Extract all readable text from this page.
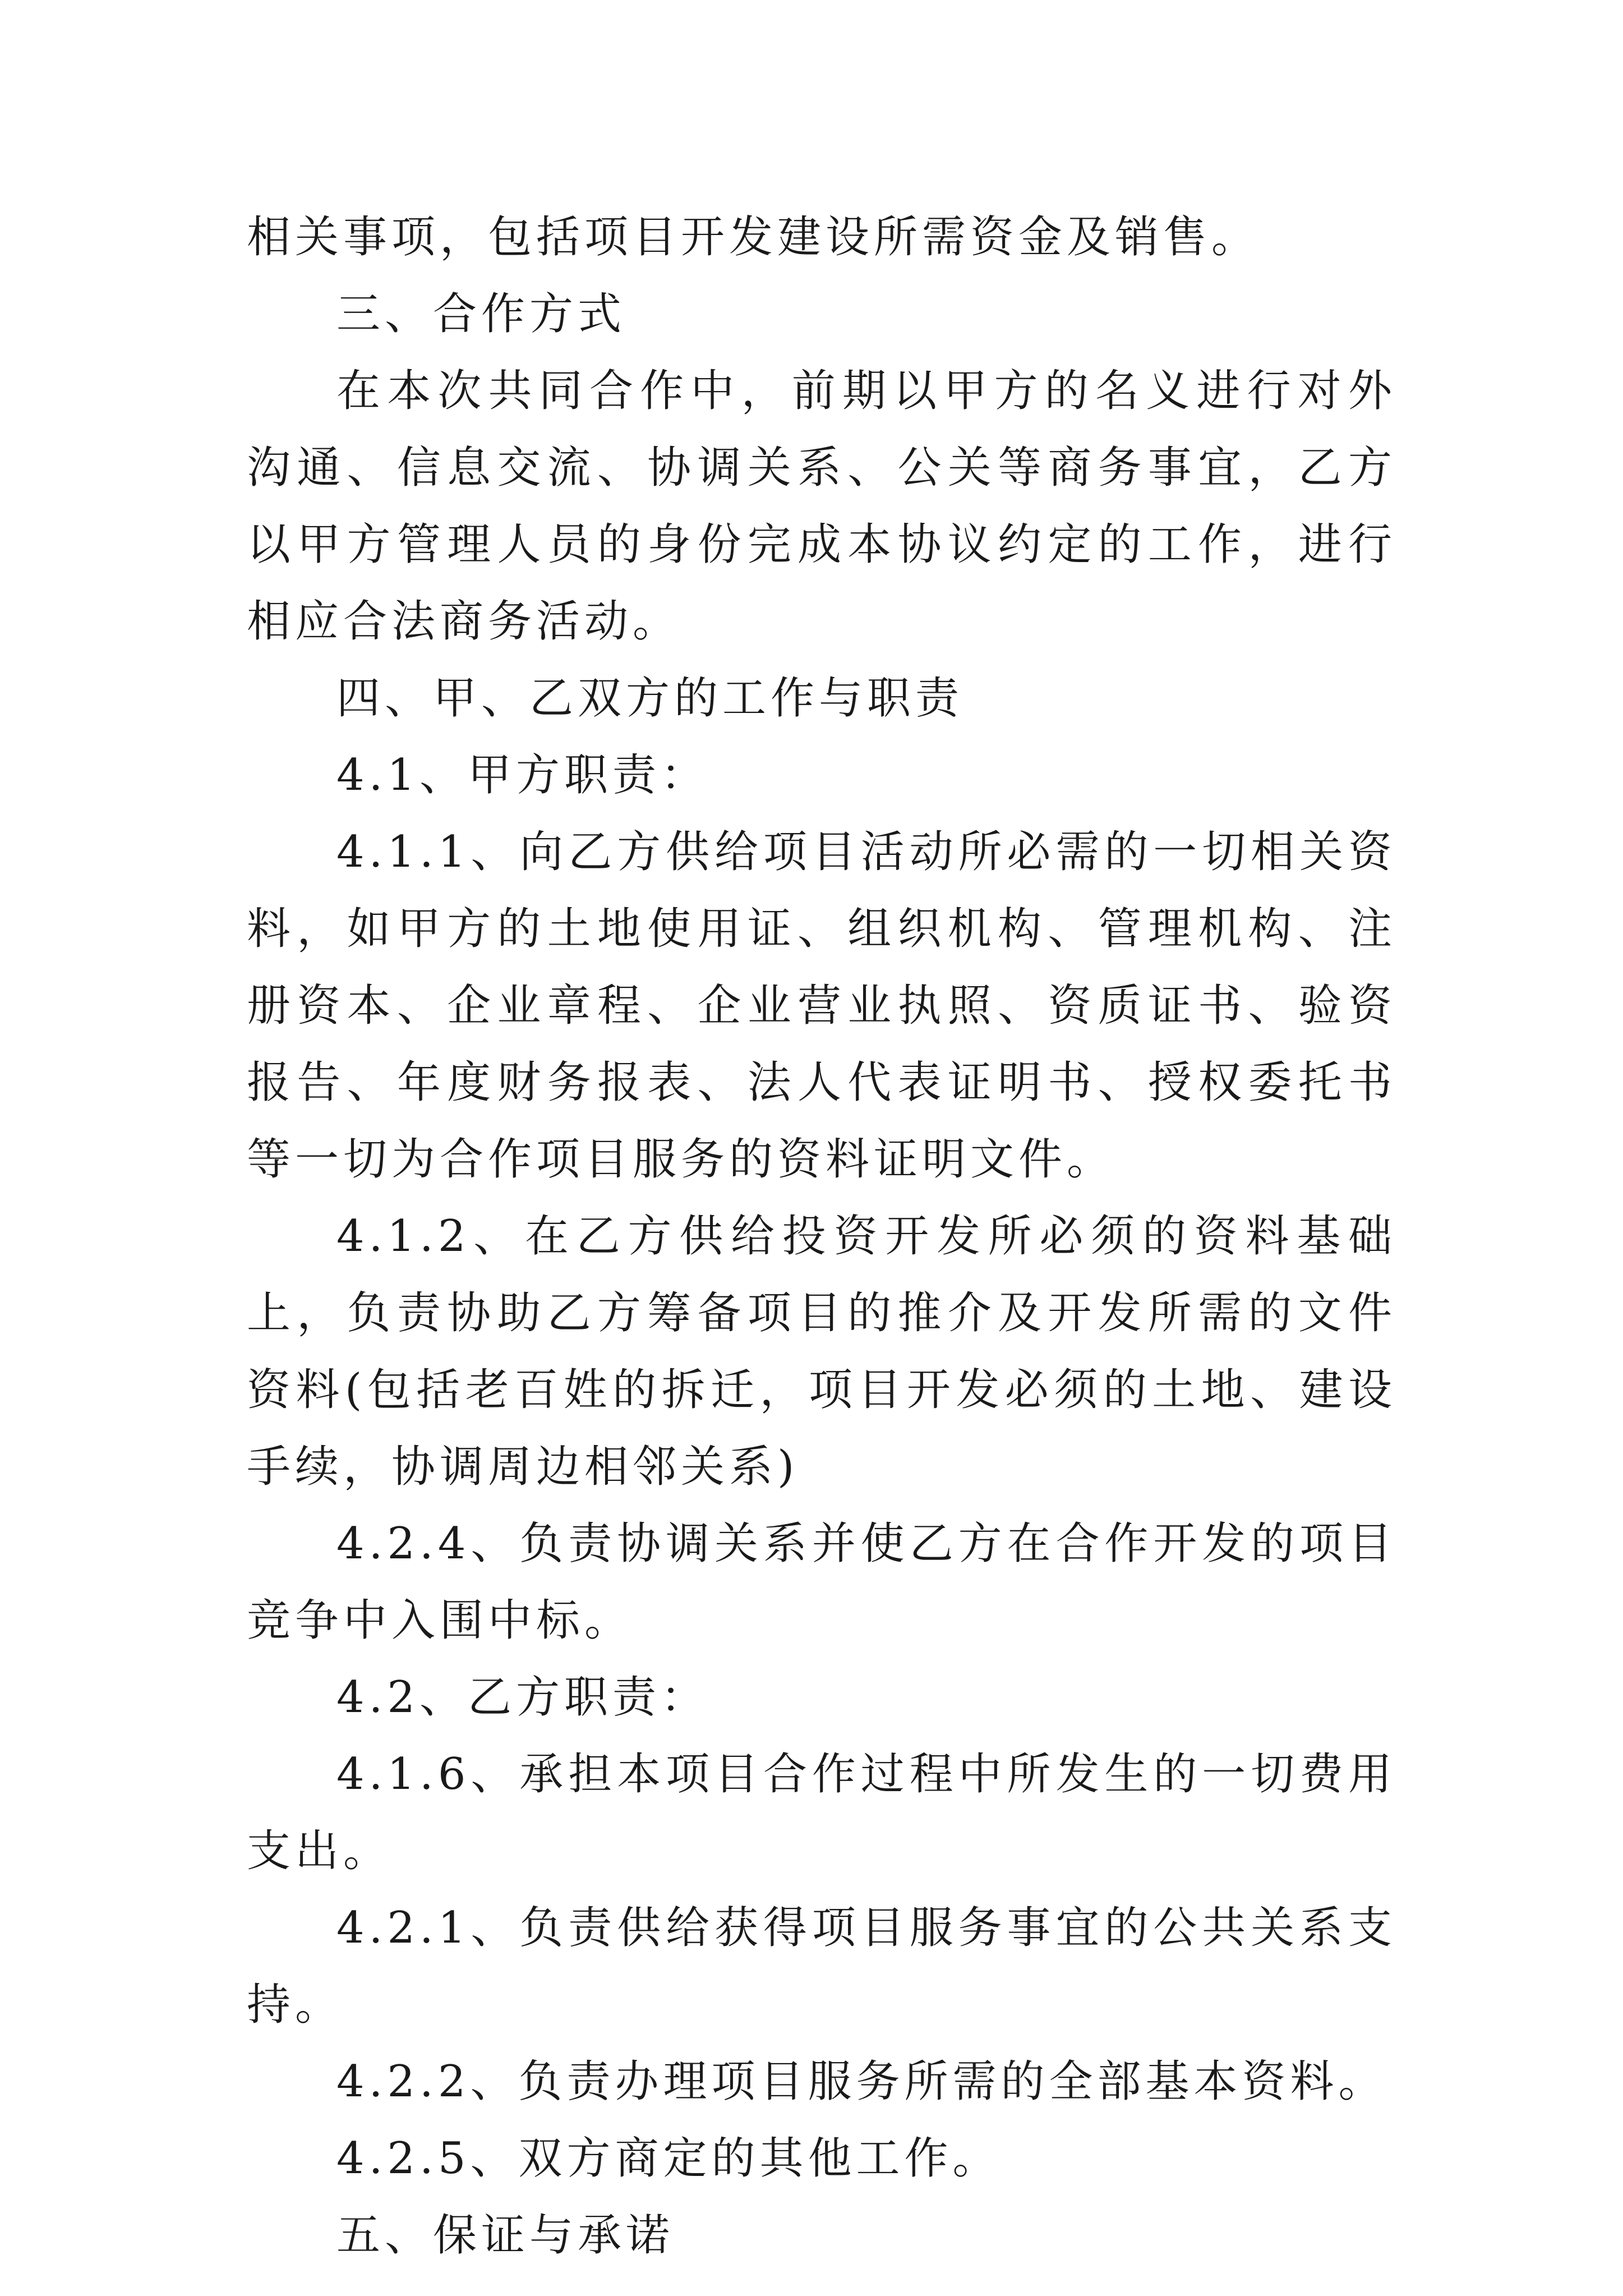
相关事项，包括项目开发建设所需资金及销售。

三、合作方式

在本次共同合作中，前期以甲方的名义进行对外沟通、信息交流、协调关系、公关等商务事宜，乙方以甲方管理人员的身份完成本协议约定的工作，进行相应合法商务活动。

四、甲、乙双方的工作与职责

4.1、甲方职责：

4.1.1、向乙方供给项目活动所必需的一切相关资料，如甲方的土地使用证、组织机构、管理机构、注册资本、企业章程、企业营业执照、资质证书、验资报告、年度财务报表、法人代表证明书、授权委托书等一切为合作项目服务的资料证明文件。

4.1.2、在乙方供给投资开发所必须的资料基础上，负责协助乙方筹备项目的推介及开发所需的文件资料(包括老百姓的拆迁，项目开发必须的土地、建设手续，协调周边相邻关系)

4.2.4、负责协调关系并使乙方在合作开发的项目竞争中入围中标。

4.2、乙方职责：

4.1.6、承担本项目合作过程中所发生的一切费用支出。

4.2.1、负责供给获得项目服务事宜的公共关系支持。

4.2.2、负责办理项目服务所需的全部基本资料。

4.2.5、双方商定的其他工作。

五、保证与承诺
